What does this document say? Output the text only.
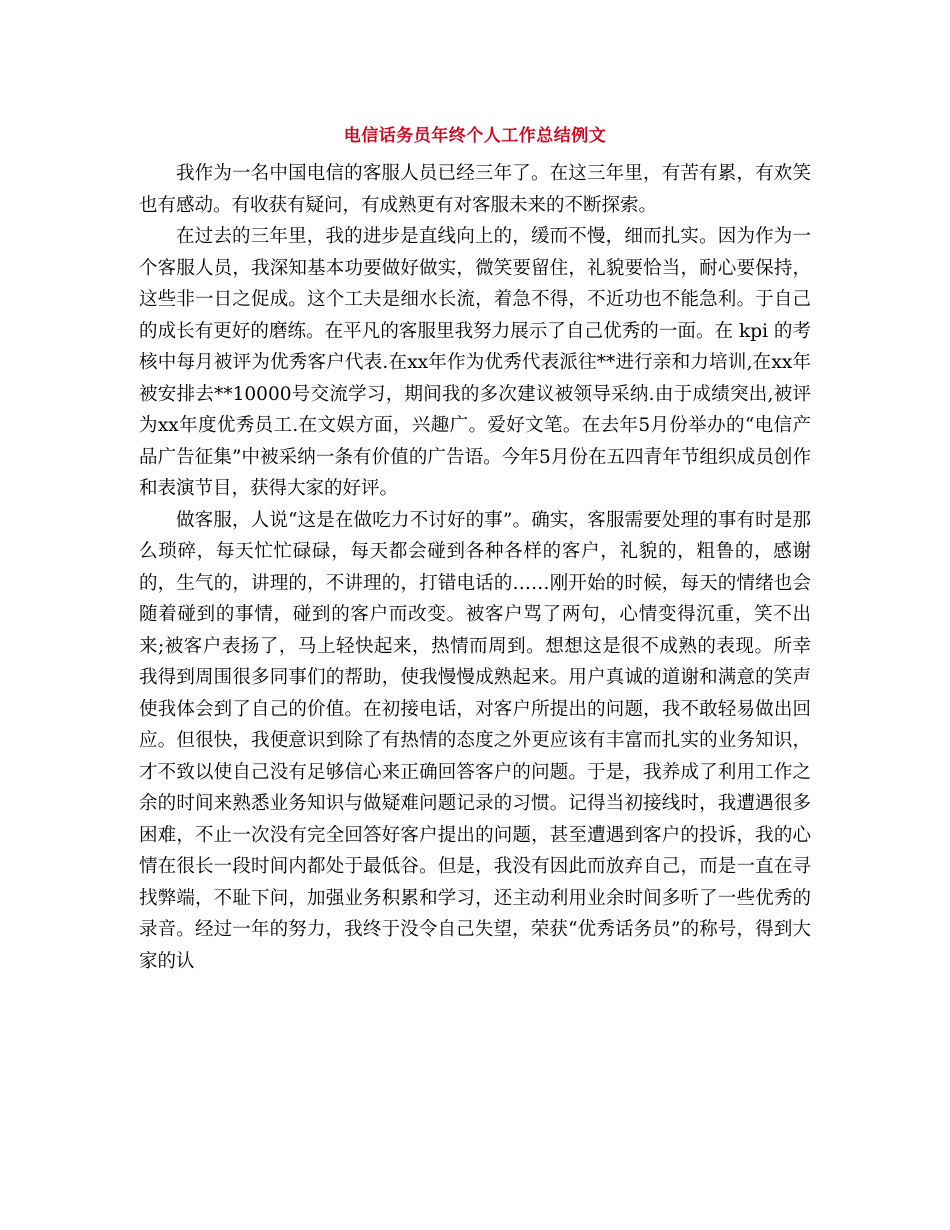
电信话务员年终个人工作总结例文

我作为一名中国电信的客服人员已经三年了。在这三年里，有苦有累，有欢笑也有感动。有收获有疑问，有成熟更有对客服未来的不断探索。

在过去的三年里，我的进步是直线向上的，缓而不慢，细而扎实。因为作为一个客服人员，我深知基本功要做好做实，微笑要留住，礼貌要恰当，耐心要保持，这些非一日之促成。这个工夫是细水长流，着急不得，不近功也不能急利。于自己的成长有更好的磨练。在平凡的客服里我努力展示了自己优秀的一面。在 kpi 的考核中每月被评为优秀客户代表.在xx年作为优秀代表派往**进行亲和力培训,在xx年被安排去**10000号交流学习，期间我的多次建议被领导采纳.由于成绩突出,被评为xx年度优秀员工.在文娱方面，兴趣广。爱好文笔。在去年5月份举办的“电信产品广告征集”中被采纳一条有价值的广告语。今年5月份在五四青年节组织成员创作和表演节目，获得大家的好评。

做客服，人说“这是在做吃力不讨好的事”。确实，客服需要处理的事有时是那么琐碎，每天忙忙碌碌，每天都会碰到各种各样的客户，礼貌的，粗鲁的，感谢的，生气的，讲理的，不讲理的，打错电话的……刚开始的时候，每天的情绪也会随着碰到的事情，碰到的客户而改变。被客户骂了两句，心情变得沉重，笑不出来;被客户表扬了，马上轻快起来，热情而周到。想想这是很不成熟的表现。所幸我得到周围很多同事们的帮助，使我慢慢成熟起来。用户真诚的道谢和满意的笑声使我体会到了自己的价值。在初接电话，对客户所提出的问题，我不敢轻易做出回应。但很快，我便意识到除了有热情的态度之外更应该有丰富而扎实的业务知识，才不致以使自己没有足够信心来正确回答客户的问题。于是，我养成了利用工作之余的时间来熟悉业务知识与做疑难问题记录的习惯。记得当初接线时，我遭遇很多困难，不止一次没有完全回答好客户提出的问题，甚至遭遇到客户的投诉，我的心情在很长一段时间内都处于最低谷。但是，我没有因此而放弃自己，而是一直在寻找弊端，不耻下问，加强业务积累和学习，还主动利用业余时间多听了一些优秀的录音。经过一年的努力，我终于没令自己失望，荣获“优秀话务员”的称号，得到大家的认
